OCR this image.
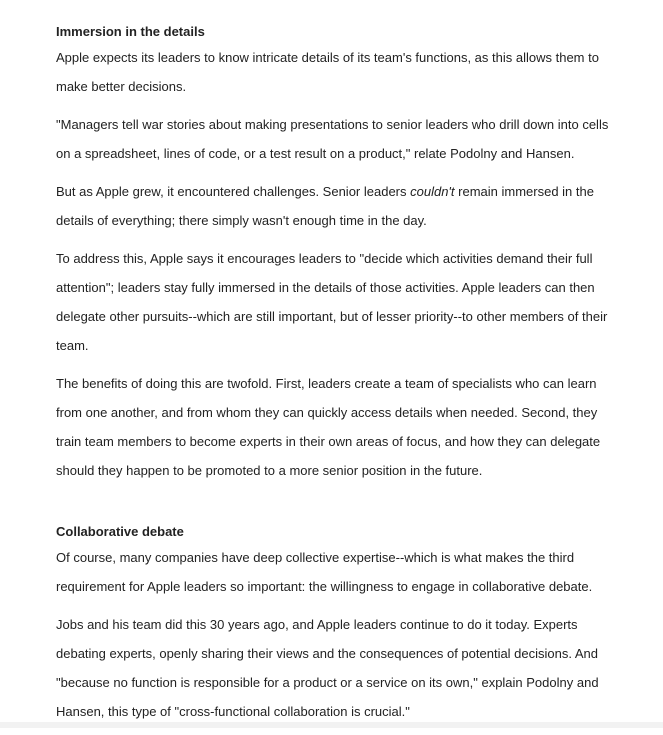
Immersion in the details

Apple expects its leaders to know intricate details of its team's functions, as this allows them to make better decisions.

"Managers tell war stories about making presentations to senior leaders who drill down into cells on a spreadsheet, lines of code, or a test result on a product," relate Podolny and Hansen.

But as Apple grew, it encountered challenges. Senior leaders couldn't remain immersed in the details of everything; there simply wasn't enough time in the day.

To address this, Apple says it encourages leaders to "decide which activities demand their full attention"; leaders stay fully immersed in the details of those activities. Apple leaders can then delegate other pursuits--which are still important, but of lesser priority--to other members of their team.

The benefits of doing this are twofold. First, leaders create a team of specialists who can learn from one another, and from whom they can quickly access details when needed. Second, they train team members to become experts in their own areas of focus, and how they can delegate should they happen to be promoted to a more senior position in the future.

Collaborative debate

Of course, many companies have deep collective expertise--which is what makes the third requirement for Apple leaders so important: the willingness to engage in collaborative debate.

Jobs and his team did this 30 years ago, and Apple leaders continue to do it today. Experts debating experts, openly sharing their views and the consequences of potential decisions. And "because no function is responsible for a product or a service on its own," explain Podolny and Hansen, this type of "cross-functional collaboration is crucial."
